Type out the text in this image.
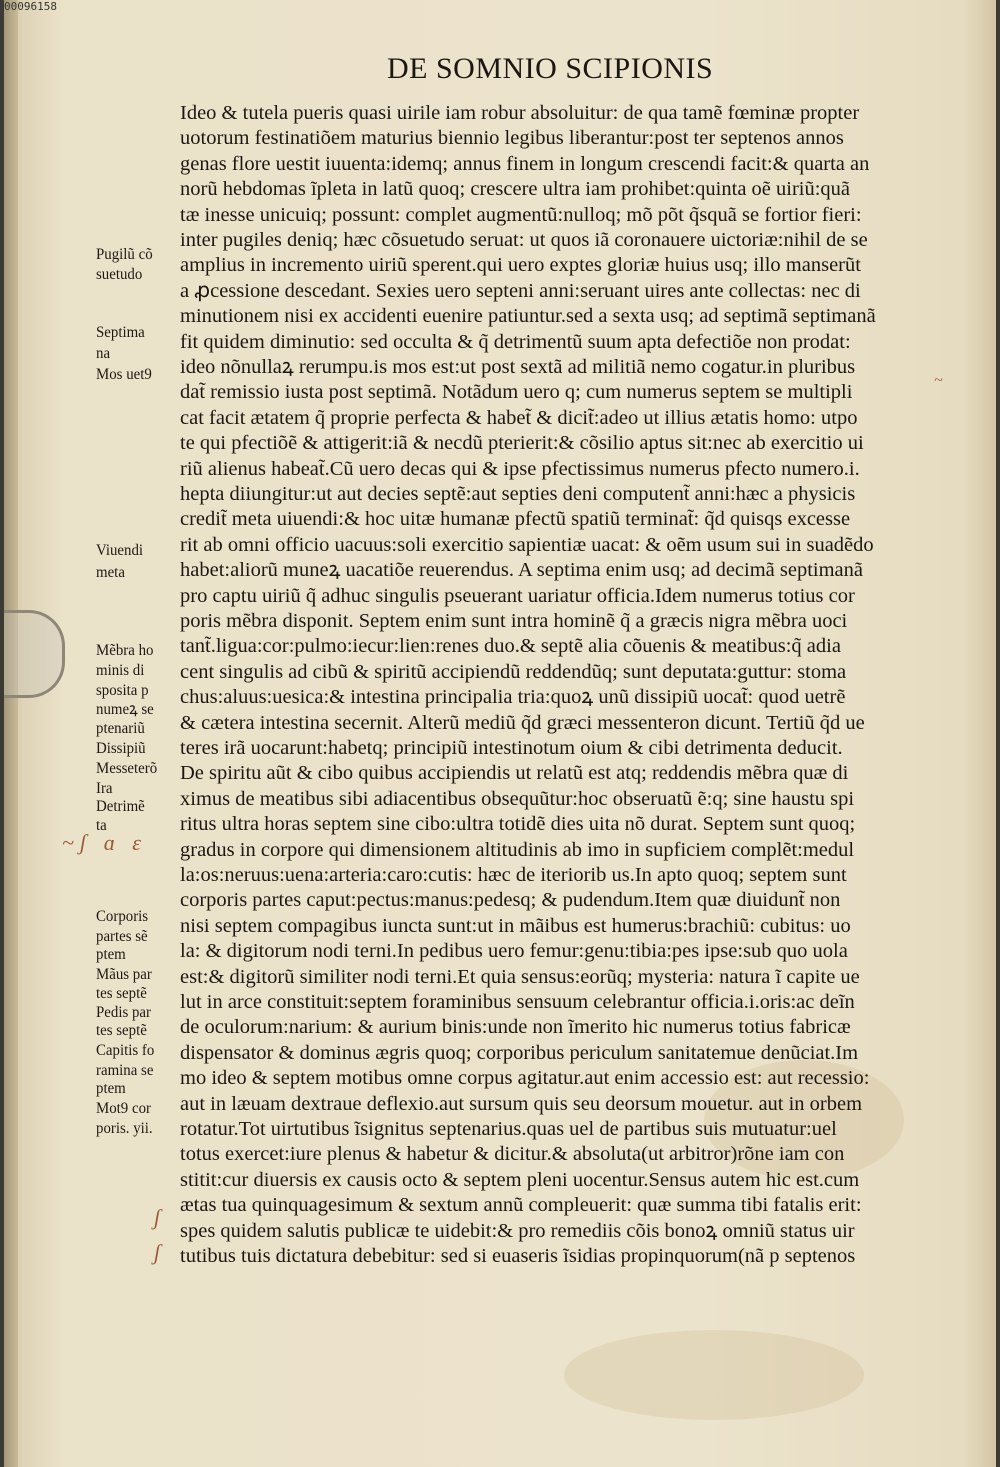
DE SOMNIO SCIPIONIS
Pugilũ cõ
suetudo
Septima
na
Mos uet9
Viuendi
meta
Mẽbra ho
minis di
sposita p
numeꝝ se
ptenariũ
Dissipiũ
Messeterõ
Ira
Detrimẽ
ta
Corporis
partes sẽ
ptem
Mãus par
tes septẽ
Pedis par
tes septẽ
Capitis fo
ramina se
ptem
Mot9 cor
poris. yii.
Ideo & tutela pueris quasi uirile iam robur absoluitur: de qua tamẽ fœminæ propter
uotorum festinatiõem maturius biennio legibus liberantur:post ter septenos annos
genas flore uestit iuuenta:idemq; annus finem in longum crescendi facit:& quarta an
norũ hebdomas ĩpleta in latũ quoq; crescere ultra iam prohibet:quinta oẽ uiriũ:quã
tæ inesse unicuiq; possunt: complet augmentũ:nulloq; mõ põt q̃squã se fortior fieri:
inter pugiles deniq; hæc cõsuetudo seruat: ut quos iã coronauere uictoriæ:nihil de se
amplius in incremento uiriũ sperent.qui uero exptes gloriæ huius usq; illo manserũt
a ꝓcessione descedant. Sexies uero septeni anni:seruant uires ante collectas: nec di
minutionem nisi ex accidenti euenire patiuntur.sed a sexta usq; ad septimã septimanã
fit quidem diminutio: sed occulta & q̃ detrimentũ suum apta defectiõe non prodat:
ideo nõnullaꝝ rerumpu.is mos est:ut post sextã ad militiã nemo cogatur.in pluribus
dat̃ remissio iusta post septimã. Notãdum uero q; cum numerus septem se multipli
cat facit ætatem q̃ proprie perfecta & habet̃ & dicit̃:adeo ut illius ætatis homo: utpo
te qui pfectiõẽ & attigerit:iã & necdũ pterierit:& cõsilio aptus sit:nec ab exercitio ui
riũ alienus habeat̃.Cũ uero decas qui & ipse pfectissimus numerus pfecto numero.i.
hepta diiungitur:ut aut decies septẽ:aut septies deni computent̃ anni:hæc a physicis
credit̃ meta uiuendi:& hoc uitæ humanæ pfectũ spatiũ terminat̃: q̃d quisqs excesse
rit ab omni officio uacuus:soli exercitio sapientiæ uacat: & oẽm usum sui in suadẽdo
habet:aliorũ muneꝝ uacatiõe reuerendus. A septima enim usq; ad decimã septimanã
pro captu uiriũ q̃ adhuc singulis pseuerant uariatur officia.Idem numerus totius cor
poris mẽbra disponit. Septem enim sunt intra hominẽ q̃ a græcis nigra mẽbra uoci
tant̃.ligua:cor:pulmo:iecur:lien:renes duo.& septẽ alia cõuenis & meatibus:q̃ adia
cent singulis ad cibũ & spiritũ accipiendũ reddendũq; sunt deputata:guttur: stoma
chus:aluus:uesica:& intestina principalia tria:quoꝝ unũ dissipiũ uocat̃: quod uetrẽ
& cætera intestina secernit. Alterũ mediũ q̃d græci messenteron dicunt. Tertiũ q̃d ue
teres irã uocarunt:habetq; principiũ intestinotum oium & cibi detrimenta deducit.
De spiritu aũt & cibo quibus accipiendis ut relatũ est atq; reddendis mẽbra quæ di
ximus de meatibus sibi adiacentibus obsequũtur:hoc obseruatũ ẽ:q; sine haustu spi
ritus ultra horas septem sine cibo:ultra totidẽ dies uita nõ durat. Septem sunt quoq;
gradus in corpore qui dimensionem altitudinis ab imo in supficiem complẽt:medul
la:os:neruus:uena:arteria:caro:cutis: hæc de iteriorib us.In apto quoq; septem sunt
corporis partes caput:pectus:manus:pedesq; & pudendum.Item quæ diuidunt̃ non
nisi septem compagibus iuncta sunt:ut in mãibus est humerus:brachiũ: cubitus: uo
la: & digitorum nodi terni.In pedibus uero femur:genu:tibia:pes ipse:sub quo uola
est:& digitorũ similiter nodi terni.Et quia sensus:eorũq; mysteria: natura ĩ capite ue
lut in arce constituit:septem foraminibus sensuum celebrantur officia.i.oris:ac deĩn
de oculorum:narium: & aurium binis:unde non ĩmerito hic numerus totius fabricæ
dispensator & dominus ægris quoq; corporibus periculum sanitatemue denũciat.Im
mo ideo & septem motibus omne corpus agitatur.aut enim accessio est: aut recessio:
aut in læuam dextraue deflexio.aut sursum quis seu deorsum mouetur. aut in orbem
rotatur.Tot uirtutibus ĩsignitus septenarius.quas uel de partibus suis mutuatur:uel
totus exercet:iure plenus & habetur & dicitur.& absoluta(ut arbitror)rõne iam con
stitit:cur diuersis ex causis octo & septem pleni uocentur.Sensus autem hic est.cum
ætas tua quinquagesimum & sextum annũ compleuerit: quæ summa tibi fatalis erit:
spes quidem salutis publicæ te uidebit:& pro remediis cõis bonoꝝ omniũ status uir
tutibus tuis dictatura debebitur: sed si euaseris ĩsidias propinquorum(nã p septenos
~ʃ ɑ ɛ
ʃ
ʃ
~
00096158
